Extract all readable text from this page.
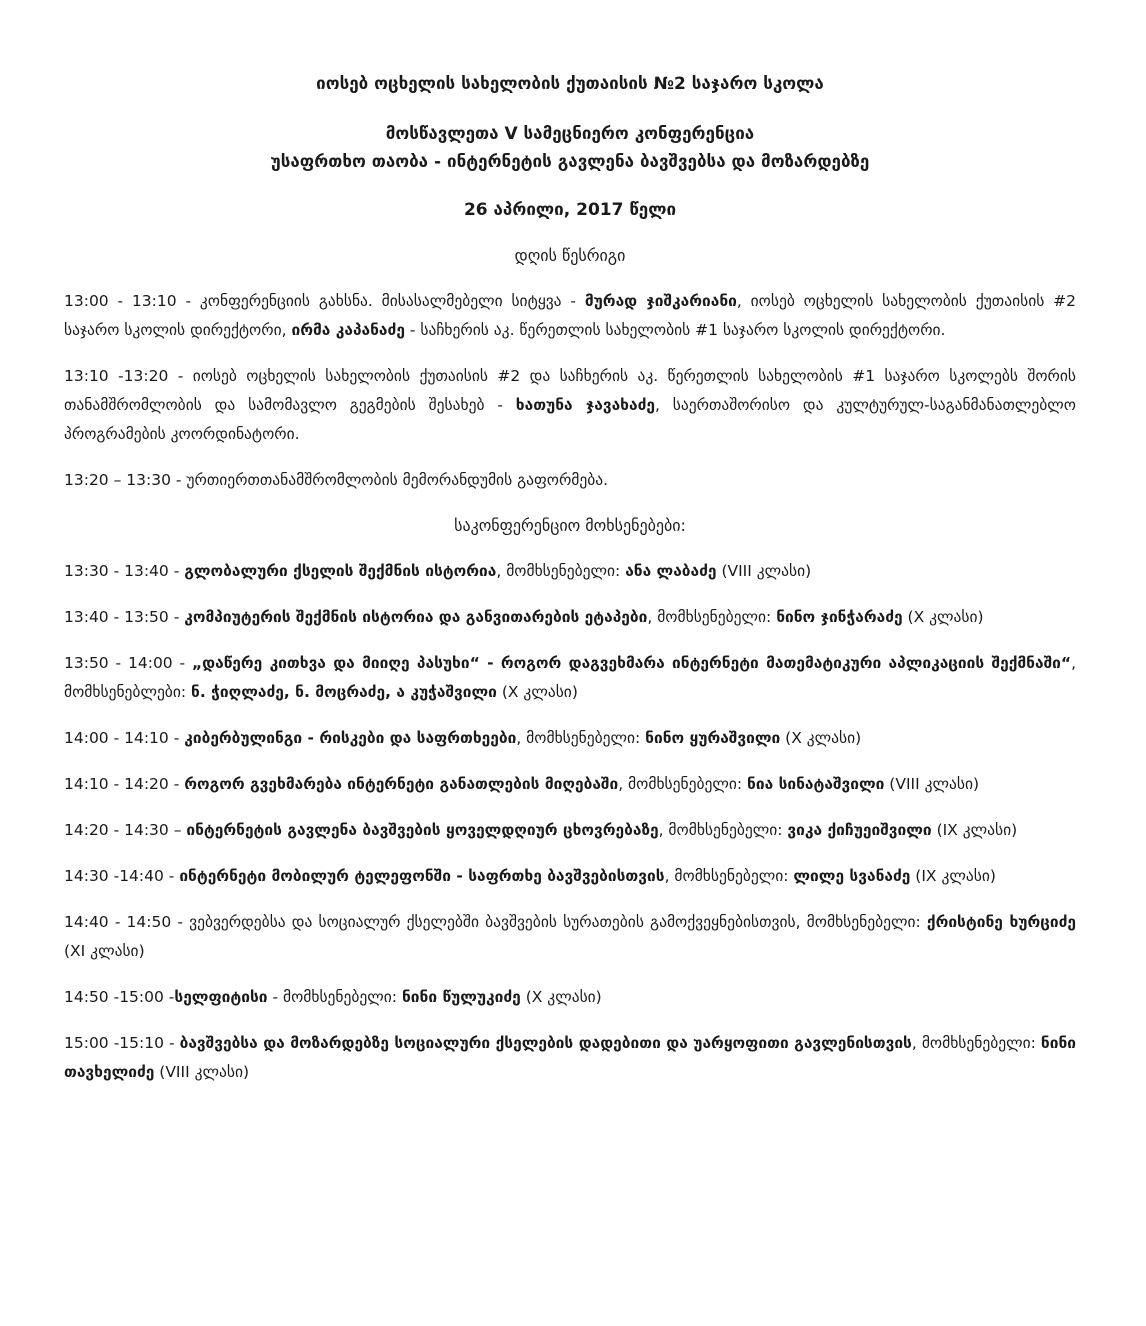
იოსებ ოცხელის სახელობის ქუთაისის №2 საჯარო სკოლა

მოსწავლეთა V სამეცნიერო კონფერენცია

უსაფრთხო თაობა - ინტერნეტის გავლენა ბავშვებსა და მოზარდებზე

26 აპრილი, 2017 წელი

დღის წესრიგი

13:00 - 13:10 - კონფერენციის გახსნა. მისასალმებელი სიტყვა - მურად ჯიშკარიანი, იოსებ ოცხელის სახელობის ქუთაისის #2 საჯარო სკოლის დირექტორი, ირმა კაპანაძე - საჩხერის აკ. წერეთლის სახელობის #1 საჯარო სკოლის დირექტორი.

13:10 -13:20 - იოსებ ოცხელის სახელობის ქუთაისის #2 და საჩხერის აკ. წერეთლის სახელობის #1 საჯარო სკოლებს შორის თანამშრომლობის და სამომავლო გეგმების შესახებ - ხათუნა ჯავახაძე, საერთაშორისო და კულტურულ-საგანმანათლებლო პროგრამების კოორდინატორი.

13:20 – 13:30 - ურთიერთთანამშრომლობის მემორანდუმის გაფორმება.

საკონფერენციო მოხსენებები:

13:30 - 13:40 - გლობალური ქსელის შექმნის ისტორია, მომხსენებელი: ანა ლაბაძე (VIII კლასი)

13:40 - 13:50 - კომპიუტერის შექმნის ისტორია და განვითარების ეტაპები, მომხსენებელი: ნინო ჯინჭარაძე (X კლასი)

13:50 - 14:00 - „დაწერე კითხვა და მიიღე პასუხი“ - როგორ დაგვეხმარა ინტერნეტი მათემატიკური აპლიკაციის შექმნაში“, მომხსენებლები: ნ. ჭიღლაძე, ნ. მოცრაძე, ა კუჭაშვილი (X კლასი)

14:00 - 14:10 - კიბერბულინგი - რისკები და საფრთხეები, მომხსენებელი: ნინო ყურაშვილი (X კლასი)

14:10 - 14:20 - როგორ გვეხმარება ინტერნეტი განათლების მიღებაში, მომხსენებელი: ნია სინატაშვილი (VIII კლასი)

14:20 - 14:30 – ინტერნეტის გავლენა ბავშვების ყოველდღიურ ცხოვრებაზე, მომხსენებელი: ვიკა ქიჩუეიშვილი (IX კლასი)

14:30 -14:40 - ინტერნეტი მობილურ ტელეფონში - საფრთხე ბავშვებისთვის, მომხსენებელი: ლილე სვანაძე (IX კლასი)

14:40 - 14:50 - ვებვერდებსა და სოციალურ ქსელებში ბავშვების სურათების გამოქვეყნებისთვის, მომხსენებელი: ქრისტინე ხურციძე (XI კლასი)

14:50 -15:00 -სელფიტისი - მომხსენებელი: ნინი წულუკიძე (X კლასი)

15:00 -15:10 - ბავშვებსა და მოზარდებზე სოციალური ქსელების დადებითი და უარყოფითი გავლენისთვის, მომხსენებელი: ნინი თავხელიძე (VIII კლასი)
